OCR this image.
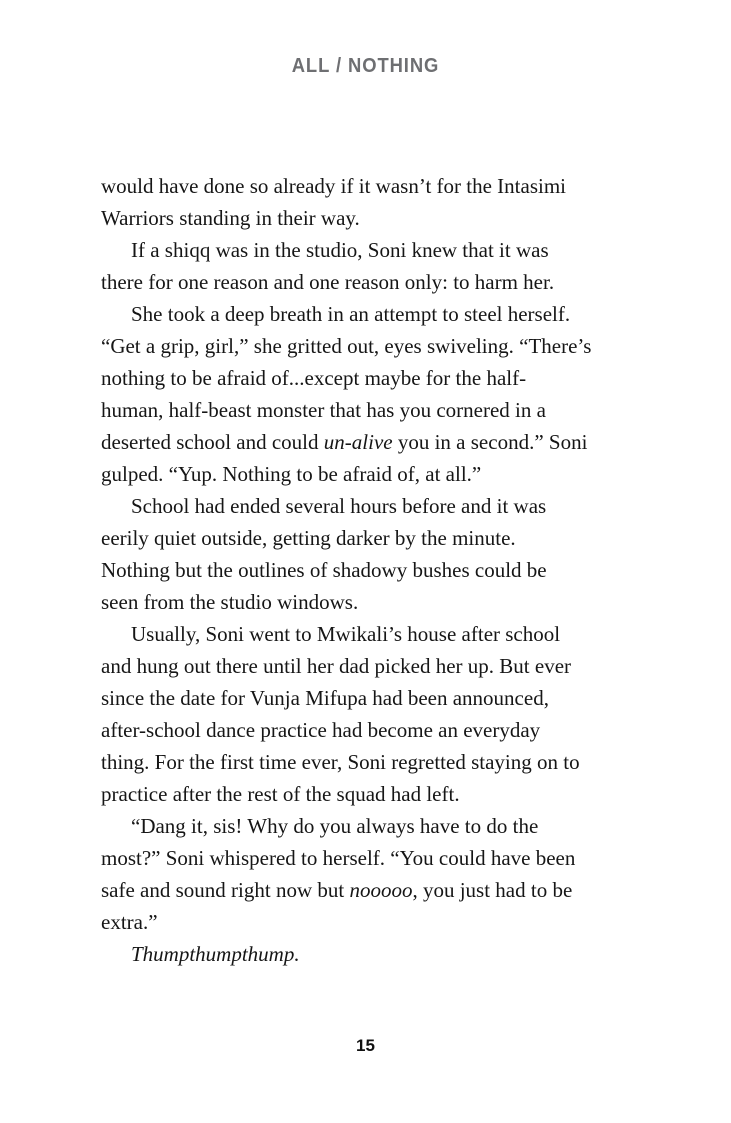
ALL / NOTHING
would have done so already if it wasn’t for the Intasimi
Warriors standing in their way.
If a shiqq was in the studio, Soni knew that it was
there for one reason and one reason only: to harm her.
She took a deep breath in an attempt to steel herself.
“Get a grip, girl,” she gritted out, eyes swiveling. “There’s
nothing to be afraid of...except maybe for the half-
human, half-beast monster that has you cornered in a
deserted school and could un-alive you in a second.” Soni
gulped. “Yup. Nothing to be afraid of, at all.”
School had ended several hours before and it was
eerily quiet outside, getting darker by the minute.
Nothing but the outlines of shadowy bushes could be
seen from the studio windows.
Usually, Soni went to Mwikali’s house after school
and hung out there until her dad picked her up. But ever
since the date for Vunja Mifupa had been announced,
after-school dance practice had become an everyday
thing. For the first time ever, Soni regretted staying on to
practice after the rest of the squad had left.
“Dang it, sis! Why do you always have to do the
most?” Soni whispered to herself. “You could have been
safe and sound right now but nooooo, you just had to be
extra.”
Thumpthumpthump.
15
